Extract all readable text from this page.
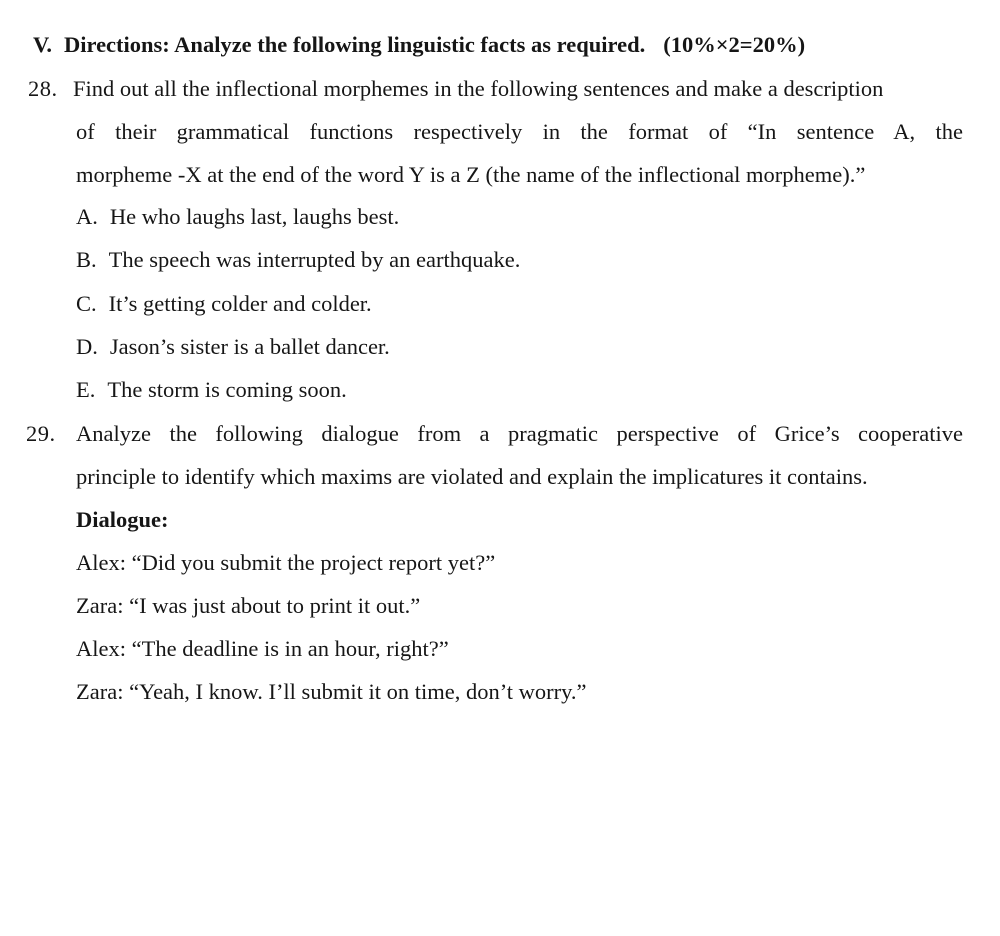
V. Directions: Analyze the following linguistic facts as required. (10%×2=20%)
28. Find out all the inflectional morphemes in the following sentences and make a description
of their grammatical functions respectively in the format of “In sentence A, the
morpheme -X at the end of the word Y is a Z (the name of the inflectional morpheme).”
A. He who laughs last, laughs best.
B. The speech was interrupted by an earthquake.
C. It’s getting colder and colder.
D. Jason’s sister is a ballet dancer.
E. The storm is coming soon.
29. Analyze the following dialogue from a pragmatic perspective of Grice’s cooperative
principle to identify which maxims are violated and explain the implicatures it contains.
Dialogue:
Alex: “Did you submit the project report yet?”
Zara: “I was just about to print it out.”
Alex: “The deadline is in an hour, right?”
Zara: “Yeah, I know. I’ll submit it on time, don’t worry.”
